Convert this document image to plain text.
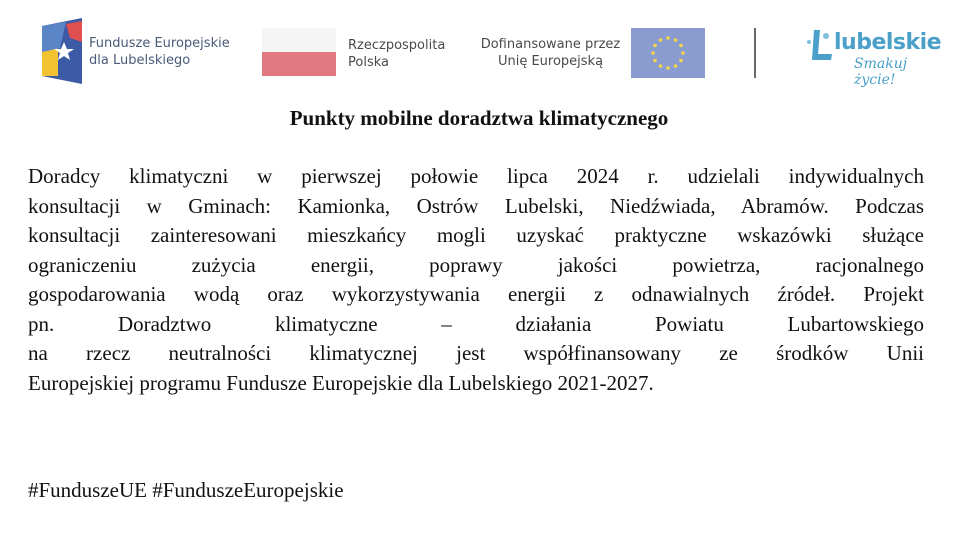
Fundusze Europejskie
dla Lubelskiego
Rzeczpospolita
Polska
Dofinansowane przez
Unię Europejską
lubelskie
Smakuj życie!
Punkty mobilne doradztwa klimatycznego

Doradcy klimatyczni w pierwszej połowie lipca 2024 r. udzielali indywidualnych
konsultacji w Gminach: Kamionka, Ostrów Lubelski, Niedźwiada, Abramów. Podczas
konsultacji zainteresowani mieszkańcy mogli uzyskać praktyczne wskazówki służące
ograniczeniu zużycia energii, poprawy jakości powietrza, racjonalnego
gospodarowania wodą oraz wykorzystywania energii z odnawialnych źródeł. Projekt
pn. Doradztwo klimatyczne – działania Powiatu Lubartowskiego
na rzecz neutralności klimatycznej jest współfinansowany ze środków Unii
Europejskiej programu Fundusze Europejskie dla Lubelskiego 2021-2027.

#FunduszeUE #FunduszeEuropejskie
